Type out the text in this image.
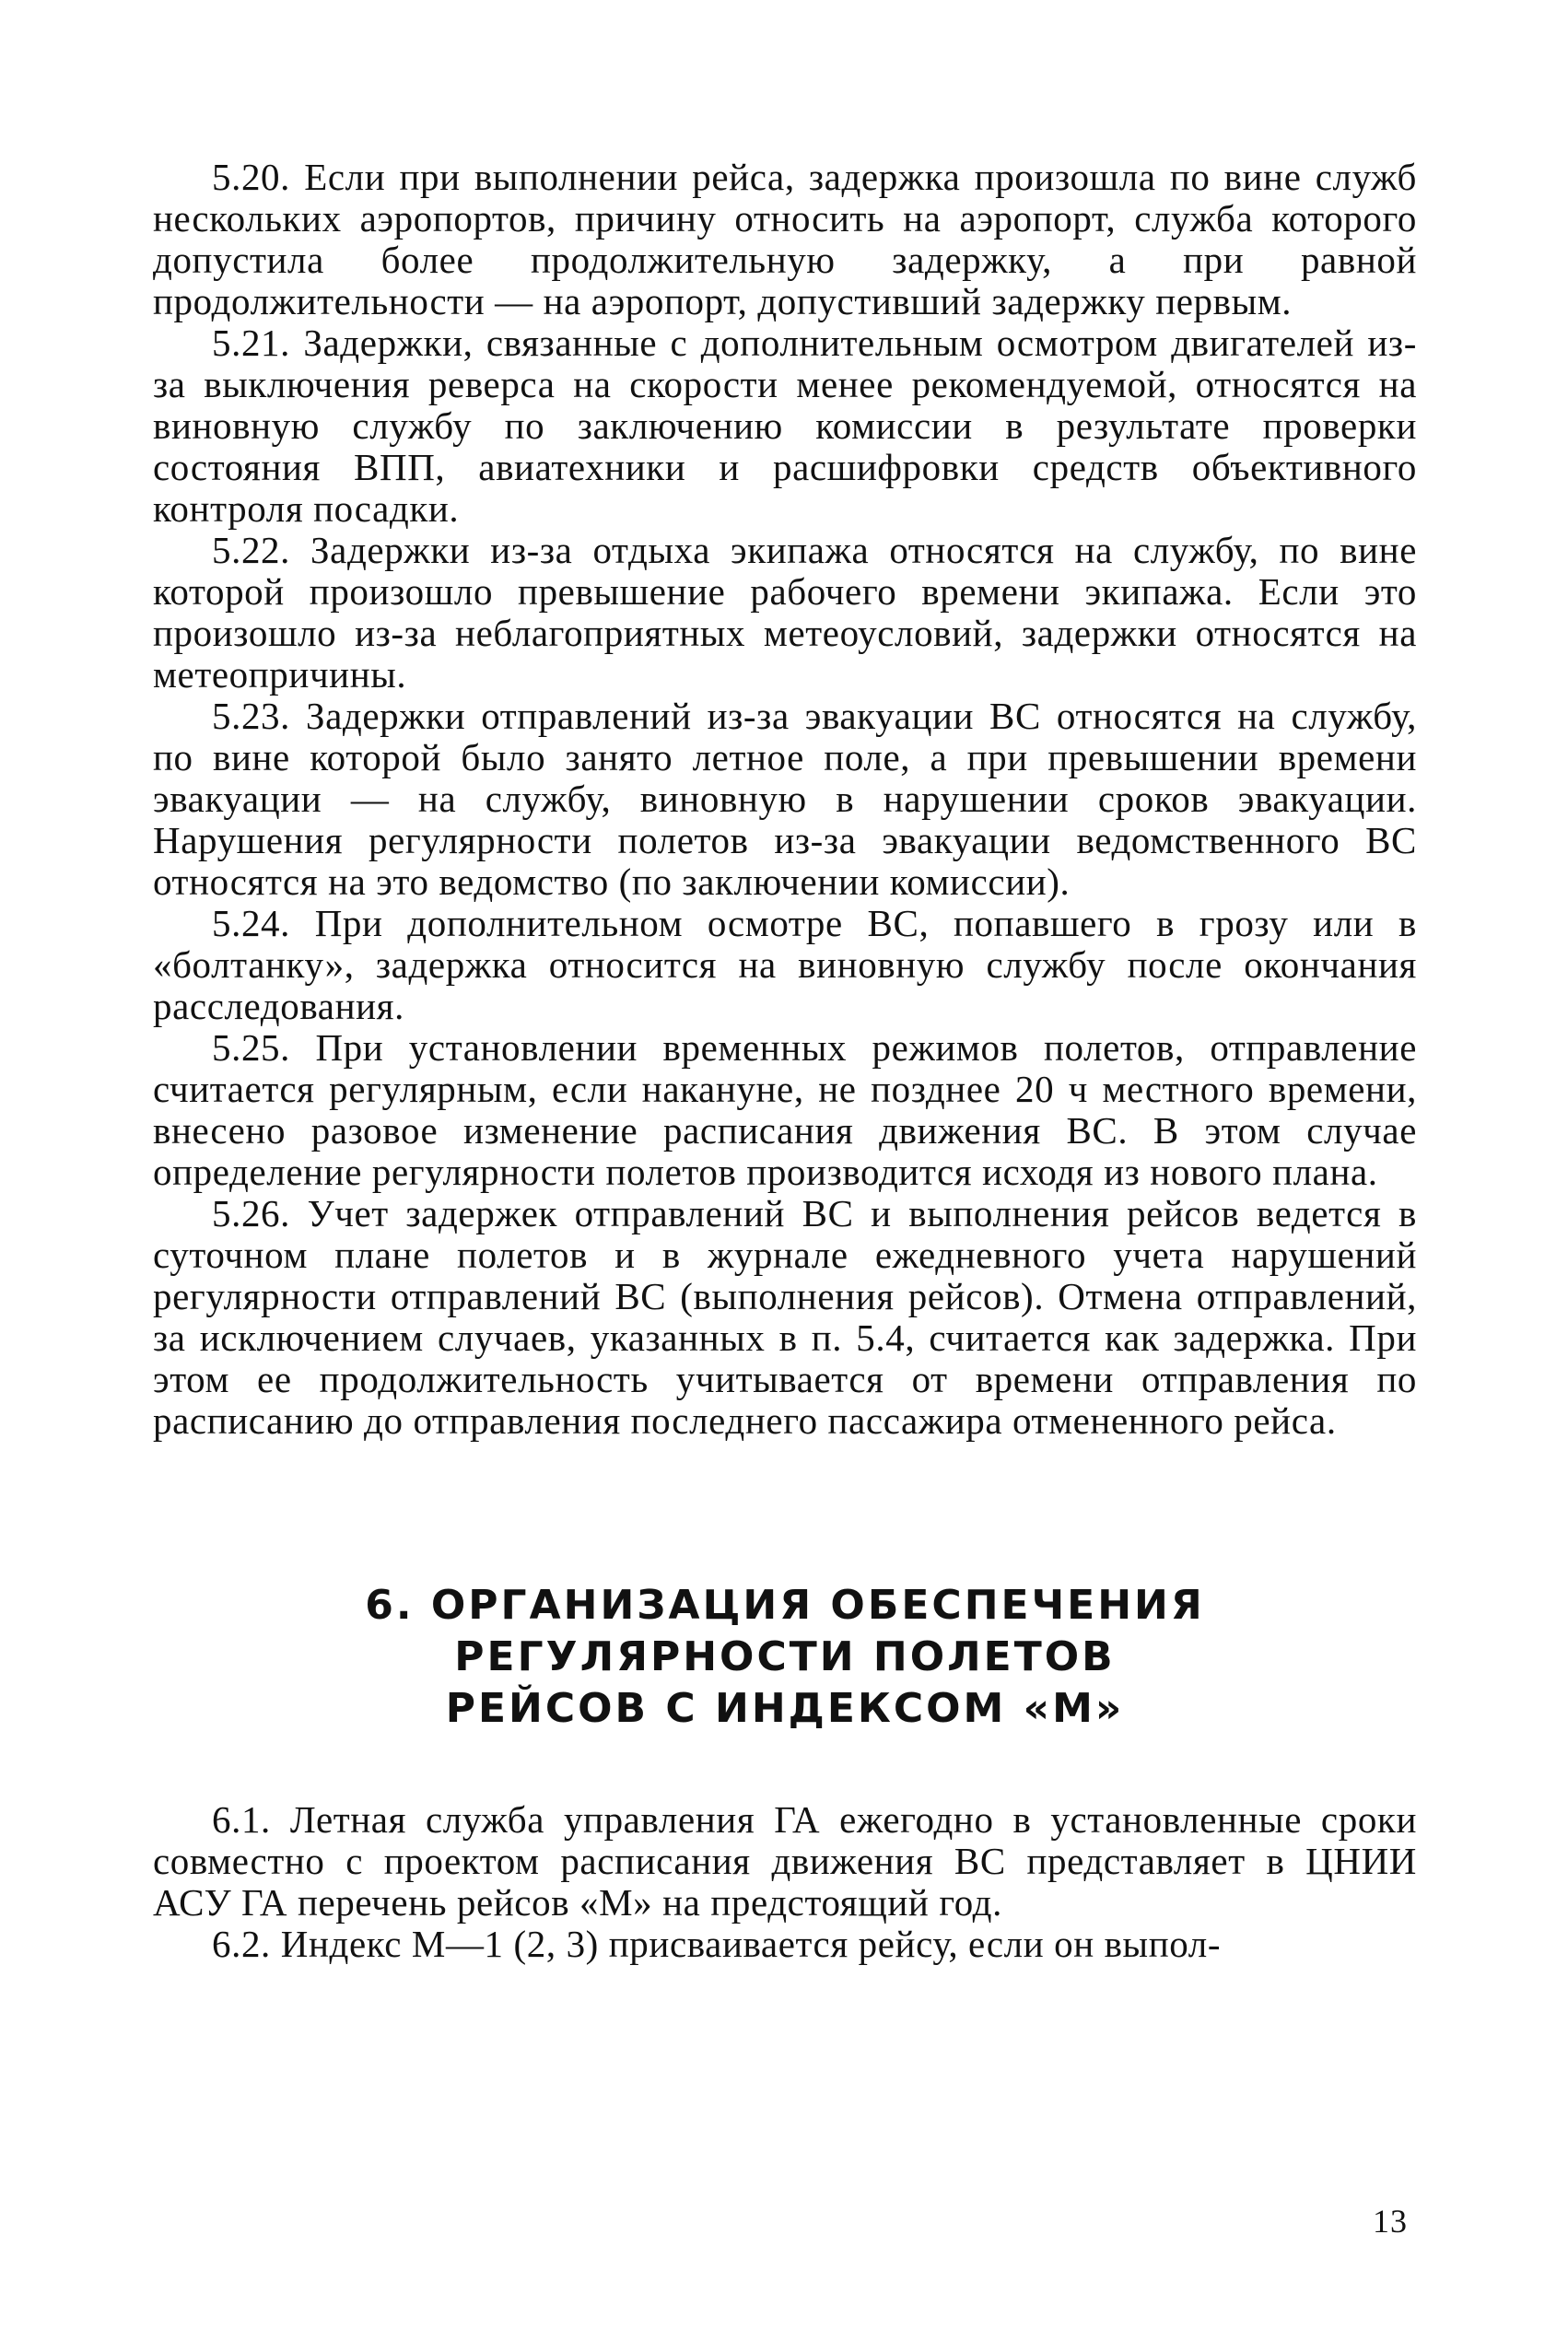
5.20. Если при выполнении рейса, задержка произошла по вине служб нескольких аэропортов, причину относить на аэропорт, служба которого допустила более продолжительную задержку, а при равной продолжительности — на аэропорт, допустивший задержку первым.

5.21. Задержки, связанные с дополнительным осмотром двигателей из-за выключения реверса на скорости менее рекомендуемой, относятся на виновную службу по заключению комиссии в результате проверки состояния ВПП, авиатехники и расшифровки средств объективного контроля посадки.

5.22. Задержки из-за отдыха экипажа относятся на службу, по вине которой произошло превышение рабочего времени экипажа. Если это произошло из-за неблагоприятных метеоусловий, задержки относятся на метеопричины.

5.23. Задержки отправлений из-за эвакуации ВС относятся на службу, по вине которой было занято летное поле, а при превышении времени эвакуации — на службу, виновную в нарушении сроков эвакуации. Нарушения регулярности полетов из-за эвакуации ведомственного ВС относятся на это ведомство (по заключении комиссии).

5.24. При дополнительном осмотре ВС, попавшего в грозу или в «болтанку», задержка относится на виновную службу после окончания расследования.

5.25. При установлении временных режимов полетов, отправление считается регулярным, если накануне, не позднее 20 ч местного времени, внесено разовое изменение расписания движения ВС. В этом случае определение регулярности полетов производится исходя из нового плана.

5.26. Учет задержек отправлений ВС и выполнения рейсов ведется в суточном плане полетов и в журнале ежедневного учета нарушений регулярности отправлений ВС (выполнения рейсов). Отмена отправлений, за исключением случаев, указанных в п. 5.4, считается как задержка. При этом ее продолжительность учитывается от времени отправления по расписанию до отправления последнего пассажира отмененного рейса.

6. ОРГАНИЗАЦИЯ ОБЕСПЕЧЕНИЯ
РЕГУЛЯРНОСТИ ПОЛЕТОВ
РЕЙСОВ С ИНДЕКСОМ «М»

6.1. Летная служба управления ГА ежегодно в установленные сроки совместно с проектом расписания движения ВС представляет в ЦНИИ АСУ ГА перечень рейсов «М» на предстоящий год.

6.2. Индекс М—1 (2, 3) присваивается рейсу, если он выпол-

13
